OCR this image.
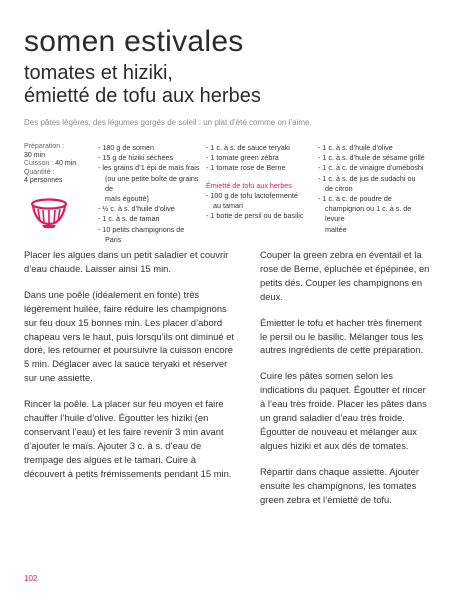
somen estivales
tomates et hiziki,
émietté de tofu aux herbes

Des pâtes légères, des légumes gorgés de soleil : un plat d’été comme on l’aime.

Préparation :
30 min
Cuisson : 40 min
Quantité :
4 personnes
- 180 g de somen
- 15 g de hiziki séchées
- les grains d’1 épi de maïs frais
(ou une petite boîte de grains de
maïs égoutté)
- ½ c. à s. d’huile d’olive
- 1 c. à s. de tamari
- 10 petits champignons de Paris
- 1 c. à s. de sauce teryaki
- 1 tomate green zébra
- 1 tomate rose de Berne
Émietté de tofu aux herbes
- 100 g de tofu lactofermenté
au tamari
- 1 botte de persil ou de basilic
- 1 c. à s. d’huile d’olive
- 1 c. à s. d’huile de sésame grillé
- 1 c. à c. de vinaigre d’uméboshi
- 1 c. à s. de jus de sudachi ou
de citron
- 1 c. à c. de poudre de
champignon ou 1 c. à s. de levure
maltée

Placer les algues dans un petit saladier et couvrir d’eau chaude. Laisser ainsi 15 min.

Dans une poêle (idéalement en fonte) très légèrement huilée, faire réduire les champignons sur feu doux 15 bonnes min. Les placer d’abord chapeau vers le haut, puis lorsqu’ils ont diminué et doré, les retourner et poursuivre la cuisson encore 5 min. Déglacer avec la sauce teryaki et réserver sur une assiette.

Rincer la poêle. La placer sur feu moyen et faire chauffer l’huile d’olive. Égoutter les hiziki (en conservant l’eau) et les faire revenir 3 min avant d’ajouter le maïs. Ajouter 3 c. à s. d’eau de trempage des algues et le tamari. Cuire à découvert à petits frémissements pendant 15 min.

Couper la green zebra en éventail et la rose de Berne, épluchée et épépinée, en petits dés. Couper les champignons en deux.

Émietter le tofu et hacher très finement le persil ou le basilic. Mélanger tous les autres ingrédients de cette préparation.

Cuire les pâtes somen selon les indications du paquet. Égoutter et rincer à l’eau très froide. Placer les pâtes dans un grand saladier d’eau très froide. Égoutter de nouveau et mélanger aux algues hiziki et aux dés de tomates.

Répartir dans chaque assiette. Ajouter ensuite les champignons, les tomates green zebra et l’émietté de tofu.

102
